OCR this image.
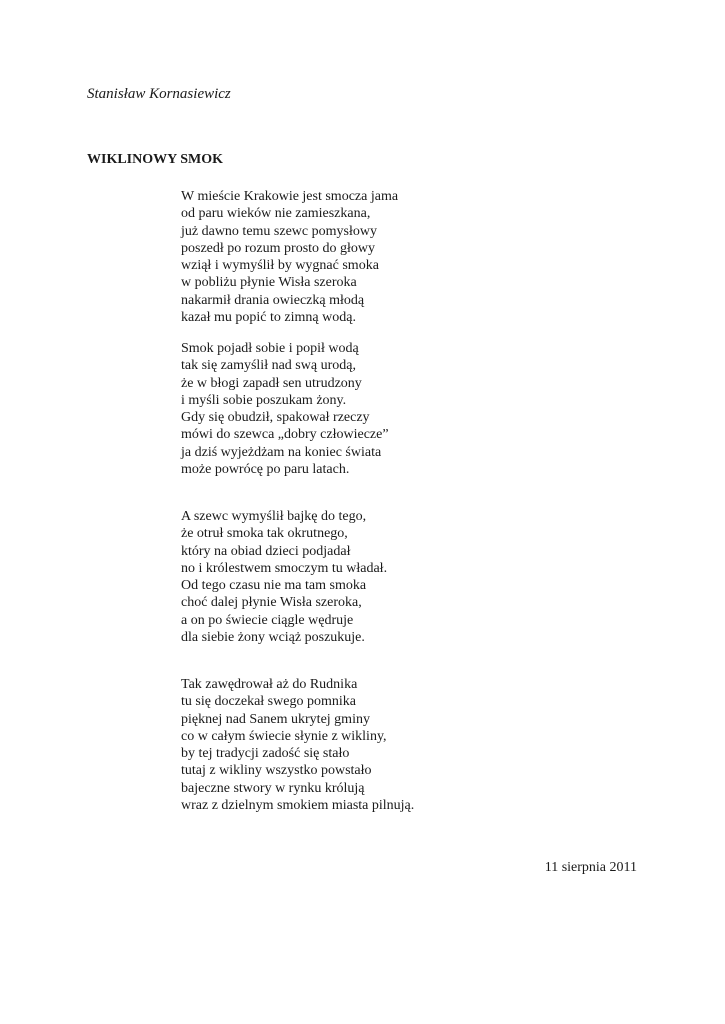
Stanisław Kornasiewicz

WIKLINOWY SMOK

W mieście Krakowie jest smocza jama
od paru wieków nie zamieszkana,
już dawno temu szewc pomysłowy
poszedł po rozum prosto do głowy
wziął i wymyślił by wygnać smoka
w pobliżu płynie Wisła szeroka
nakarmił drania owieczką młodą
kazał mu popić to zimną wodą.
Smok pojadł sobie i popił wodą
tak się zamyślił nad swą urodą,
że w błogi zapadł sen utrudzony
i myśli sobie poszukam żony.
Gdy się obudził, spakował rzeczy
mówi do szewca „dobry człowiecze”
ja dziś wyjeżdżam na koniec świata
może powrócę po paru latach.
A szewc wymyślił bajkę do tego,
że otruł smoka tak okrutnego,
który na obiad dzieci podjadał
no i królestwem smoczym tu władał.
Od tego czasu nie ma tam smoka
choć dalej płynie Wisła szeroka,
a on po świecie ciągle wędruje
dla siebie żony wciąż poszukuje.
Tak zawędrował aż do Rudnika
tu się doczekał swego pomnika
pięknej nad Sanem ukrytej gminy
co w całym świecie słynie z wikliny,
by tej tradycji zadość się stało
tutaj z wikliny wszystko powstało
bajeczne stwory w rynku królują
wraz z dzielnym smokiem miasta pilnują.

11 sierpnia 2011
